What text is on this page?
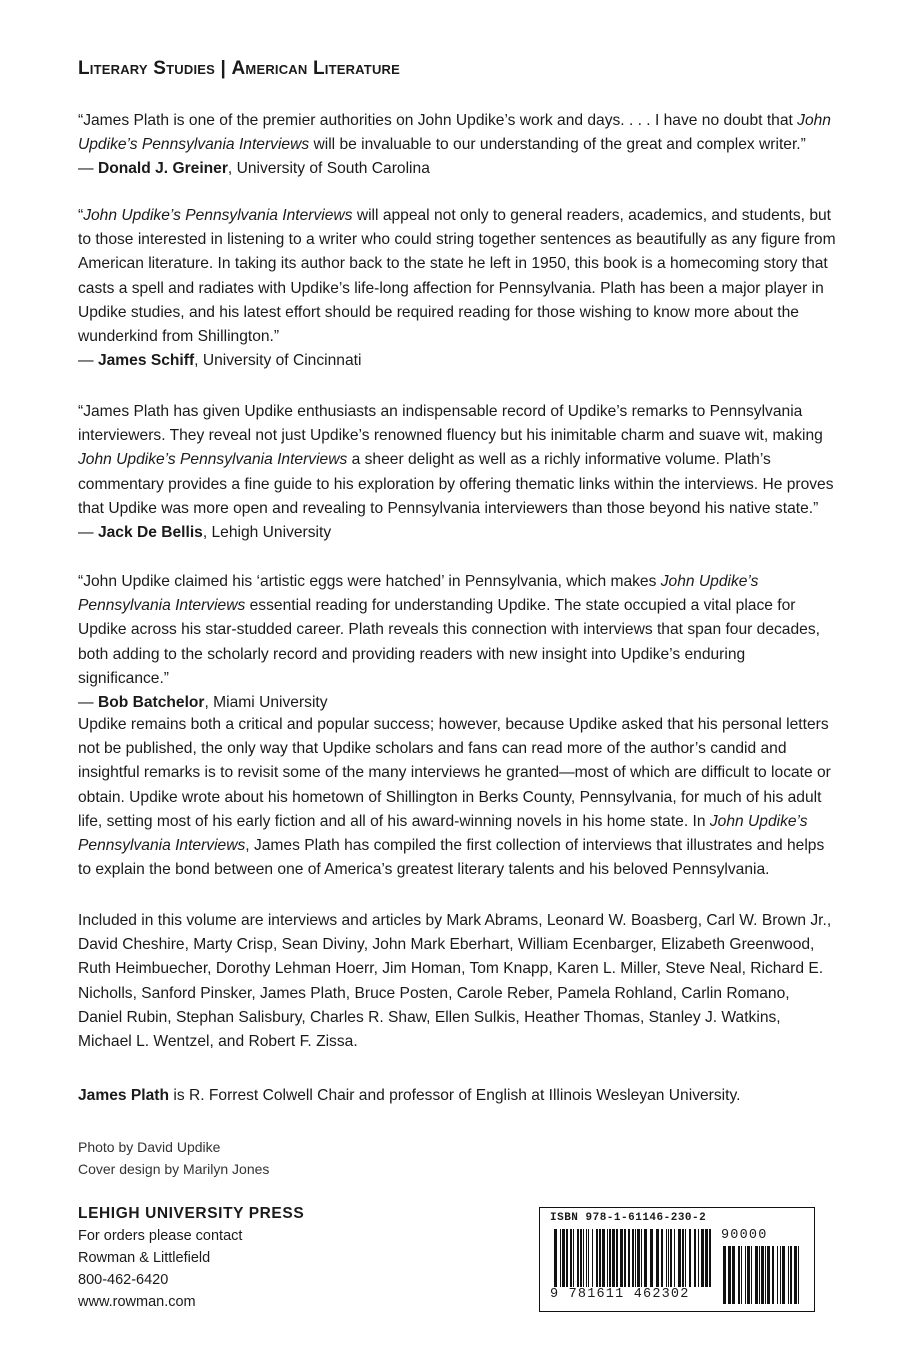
Literary Studies | American Literature

“James Plath is one of the premier authorities on John Updike’s work and days. . . . I have no doubt that John Updike’s Pennsylvania Interviews will be invaluable to our understanding of the great and complex writer.”

— Donald J. Greiner, University of South Carolina

“John Updike’s Pennsylvania Interviews will appeal not only to general readers, academics, and students, but to those interested in listening to a writer who could string together sentences as beautifully as any figure from American literature. In taking its author back to the state he left in 1950, this book is a homecoming story that casts a spell and radiates with Updike’s life-long affection for Pennsylvania. Plath has been a major player in Updike studies, and his latest effort should be required reading for those wishing to know more about the wunderkind from Shillington.”

— James Schiff, University of Cincinnati

“James Plath has given Updike enthusiasts an indispensable record of Updike’s remarks to Pennsylvania interviewers. They reveal not just Updike’s renowned fluency but his inimitable charm and suave wit, making John Updike’s Pennsylvania Interviews a sheer delight as well as a richly informative volume. Plath’s commentary provides a fine guide to his exploration by offering thematic links within the interviews. He proves that Updike was more open and revealing to Pennsylvania interviewers than those beyond his native state.”

— Jack De Bellis, Lehigh University

“John Updike claimed his ‘artistic eggs were hatched’ in Pennsylvania, which makes John Updike’s Pennsylvania Interviews essential reading for understanding Updike. The state occupied a vital place for Updike across his star-studded career. Plath reveals this connection with interviews that span four decades, both adding to the scholarly record and providing readers with new insight into Updike’s enduring significance.”

— Bob Batchelor, Miami University

Updike remains both a critical and popular success; however, because Updike asked that his personal letters not be published, the only way that Updike scholars and fans can read more of the author’s candid and insightful remarks is to revisit some of the many interviews he granted—most of which are difficult to locate or obtain. Updike wrote about his hometown of Shillington in Berks County, Pennsylvania, for much of his adult life, setting most of his early fiction and all of his award-winning novels in his home state. In John Updike’s Pennsylvania Interviews, James Plath has compiled the first collection of interviews that illustrates and helps to explain the bond between one of America’s greatest literary talents and his beloved Pennsylvania.

Included in this volume are interviews and articles by Mark Abrams, Leonard W. Boasberg, Carl W. Brown Jr., David Cheshire, Marty Crisp, Sean Diviny, John Mark Eberhart, William Ecenbarger, Elizabeth Greenwood, Ruth Heimbuecher, Dorothy Lehman Hoerr, Jim Homan, Tom Knapp, Karen L. Miller, Steve Neal, Richard E. Nicholls, Sanford Pinsker, James Plath, Bruce Posten, Carole Reber, Pamela Rohland, Carlin Romano, Daniel Rubin, Stephan Salisbury, Charles R. Shaw, Ellen Sulkis, Heather Thomas, Stanley J. Watkins, Michael L. Wentzel, and Robert F. Zissa.

James Plath is R. Forrest Colwell Chair and professor of English at Illinois Wesleyan University.

Photo by David Updike
Cover design by Marilyn Jones
LEHIGH UNIVERSITY PRESS
For orders please contact
Rowman & Littlefield
800-462-6420
www.rowman.com
ISBN 978-1-61146-230-2
90000
9 781611 462302
